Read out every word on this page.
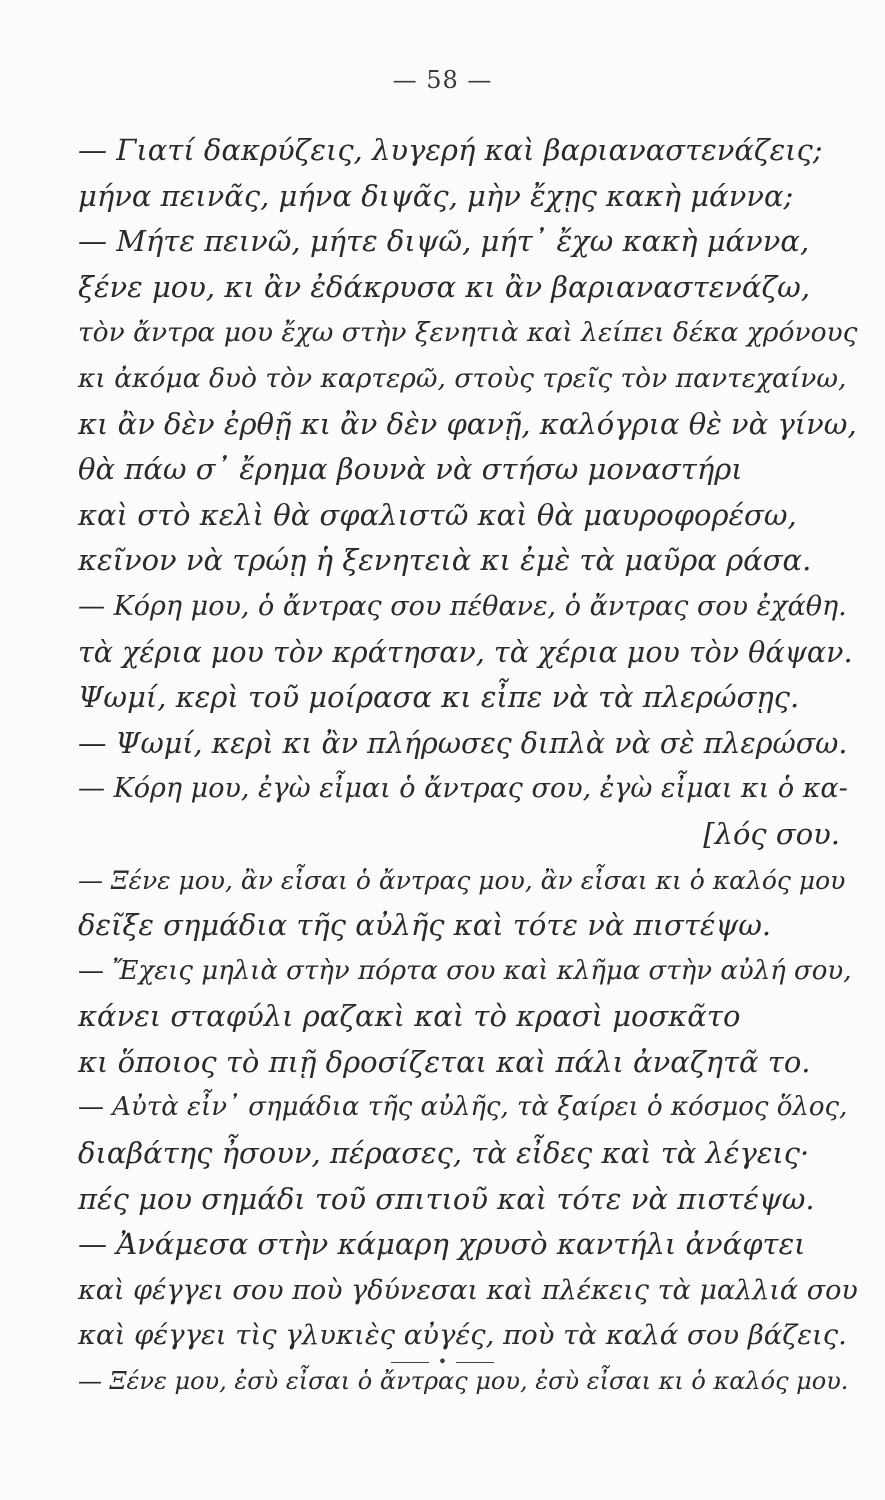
— 58 —
— Γιατί δακρύζεις, λυγερή καὶ βαριαναστενάζεις;
μήνα πεινᾶς, μήνα διψᾶς, μὴν ἔχῃς κακὴ μάννα;
— Μήτε πεινῶ, μήτε διψῶ, μήτ᾽ ἔχω κακὴ μάννα,
ξένε μου, κι ἂν ἐδάκρυσα κι ἂν βαριαναστενάζω,
τὸν ἄντρα μου ἔχω στὴν ξενητιὰ καὶ λείπει δέκα χρόνους
κι ἀκόμα δυὸ τὸν καρτερῶ, στοὺς τρεῖς τὸν παντεχαίνω,
κι ἂν δὲν ἐρθῇ κι ἂν δὲν φανῇ, καλόγρια θὲ νὰ γίνω,
θὰ πάω σ᾽ ἔρημα βουνὰ νὰ στήσω μοναστήρι
καὶ στὸ κελὶ θὰ σφαλιστῶ καὶ θὰ μαυροφορέσω,
κεῖνον νὰ τρώῃ ἡ ξενητειὰ κι ἐμὲ τὰ μαῦρα ράσα.
— Κόρη μου, ὁ ἄντρας σου πέθανε, ὁ ἄντρας σου ἐχάθη.
τὰ χέρια μου τὸν κράτησαν, τὰ χέρια μου τὸν θάψαν.
Ψωμί, κερὶ τοῦ μοίρασα κι εἶπε νὰ τὰ πλερώσῃς.
— Ψωμί, κερὶ κι ἂν πλήρωσες διπλὰ νὰ σὲ πλερώσω.
— Κόρη μου, ἐγὼ εἶμαι ὁ ἄντρας σου, ἐγὼ εἶμαι κι ὁ κα-
[λός σου.
— Ξένε μου, ἂν εἶσαι ὁ ἄντρας μου, ἂν εἶσαι κι ὁ καλός μου
δεῖξε σημάδια τῆς αὐλῆς καὶ τότε νὰ πιστέψω.
— Ἔχεις μηλιὰ στὴν πόρτα σου καὶ κλῆμα στὴν αὐλή σου,
κάνει σταφύλι ραζακὶ καὶ τὸ κρασὶ μοσκᾶτο
κι ὅποιος τὸ πιῇ δροσίζεται καὶ πάλι ἀναζητᾶ το.
— Αὐτὰ εἶν᾽ σημάδια τῆς αὐλῆς, τὰ ξαίρει ὁ κόσμος ὅλος,
διαβάτης ἦσουν, πέρασες, τὰ εἶδες καὶ τὰ λέγεις·
πές μου σημάδι τοῦ σπιτιοῦ καὶ τότε νὰ πιστέψω.
— Ἀνάμεσα στὴν κάμαρη χρυσὸ καντήλι ἀνάφτει
καὶ φέγγει σου ποὺ γδύνεσαι καὶ πλέκεις τὰ μαλλιά σου
καὶ φέγγει τὶς γλυκιὲς αὐγές, ποὺ τὰ καλά σου βάζεις.
— Ξένε μου, ἐσὺ εἶσαι ὁ ἄντρας μου, ἐσὺ εἶσαι κι ὁ καλός μου.
•
